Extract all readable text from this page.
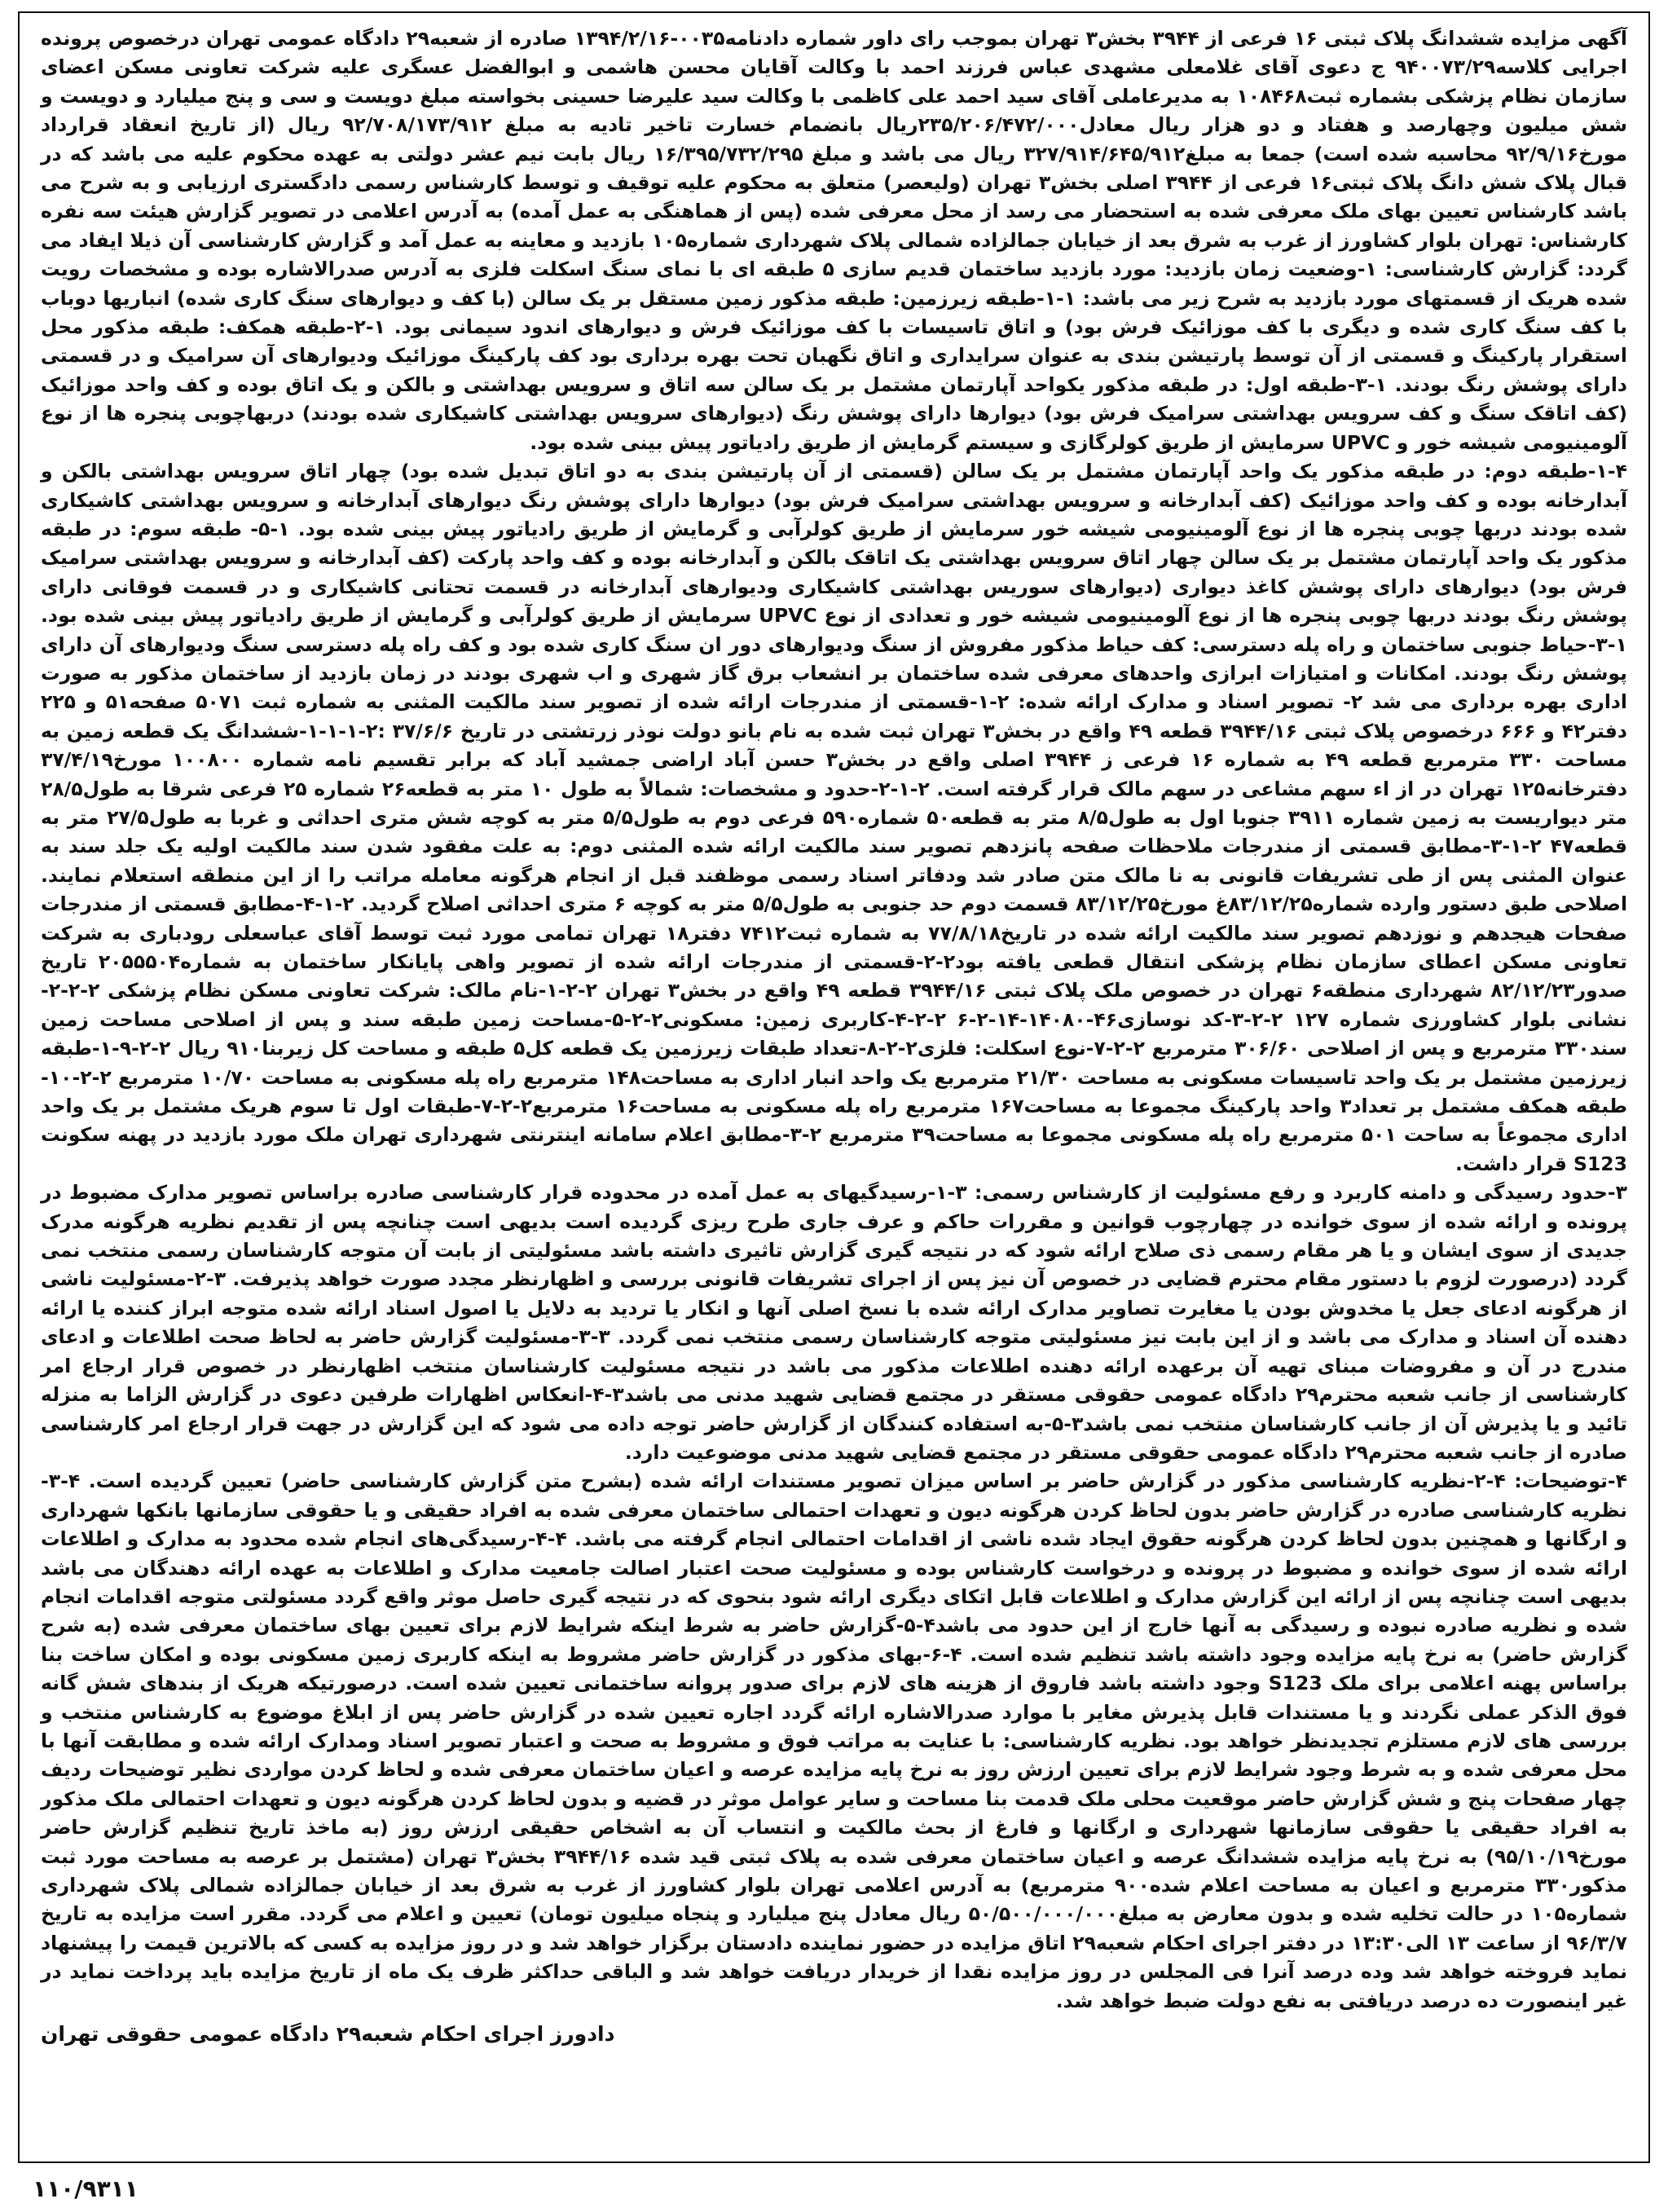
آگهی مزایده ششدانگ پلاک ثبتی ۱۶ فرعی از ۳۹۴۴ بخش۳ تهران بموجب رای داور شماره دادنامه۰۰۳۵-۱۳۹۴/۲/۱۶ صادره از شعبه۲۹ دادگاه عمومی تهران درخصوص پرونده اجرایی کلاسه۹۴۰۰۷۳/۲۹ ج دعوی آقای غلامعلی مشهدی عباس فرزند احمد با وکالت آقایان محسن هاشمی و ابوالفضل عسگری علیه شرکت تعاونی مسکن اعضای سازمان نظام پزشکی بشماره ثبت۱۰۸۴۶۸ به مدیرعاملی آقای سید احمد علی کاظمی با وکالت سید علیرضا حسینی بخواسته مبلغ دویست و سی و پنج میلیارد و دویست و شش میلیون وچهارصد و هفتاد و دو هزار ریال معادل۲۳۵/۲۰۶/۴۷۲/۰۰۰ریال بانضمام خسارت تاخیر تادیه به مبلغ ۹۲/۷۰۸/۱۷۳/۹۱۲ ریال (از تاریخ انعقاد قرارداد مورخ۹۲/۹/۱۶ محاسبه شده است) جمعا به مبلغ۳۲۷/۹۱۴/۶۴۵/۹۱۲ ریال می باشد و مبلغ ۱۶/۳۹۵/۷۳۲/۲۹۵ ریال بابت نیم عشر دولتی به عهده محکوم علیه می باشد که در قبال پلاک شش دانگ پلاک ثبتی۱۶ فرعی از ۳۹۴۴ اصلی بخش۳ تهران (ولیعصر) متعلق به محکوم علیه توقیف و توسط کارشناس رسمی دادگستری ارزیابی و به شرح می باشد کارشناس تعیین بهای ملک معرفی شده به استحضار می رسد از محل معرفی شده (پس از هماهنگی به عمل آمده) به آدرس اعلامی در تصویر گزارش هیئت سه نفره کارشناس: تهران بلوار کشاورز از غرب به شرق بعد از خیابان جمالزاده شمالی پلاک شهرداری شماره۱۰۵ بازدید و معاینه به عمل آمد و گزارش کارشناسی آن ذیلا ایفاد می گردد: گزارش کارشناسی: ۱-وضعیت زمان بازدید: مورد بازدید ساختمان قدیم سازی ۵ طبقه ای با نمای سنگ اسکلت فلزی به آدرس صدرالاشاره بوده و مشخصات رویت شده هریک از قسمتهای مورد بازدید به شرح زیر می باشد: ۱-۱-طبقه زیرزمین: طبقه مذکور زمین مستقل بر یک سالن (با کف و دیوارهای سنگ کاری شده) انباریها دوباب با کف سنگ کاری شده و دیگری با کف موزائیک فرش بود) و اتاق تاسیسات با کف موزائیک فرش و دیوارهای اندود سیمانی بود. ۱-۲-طبقه همکف: طبقه مذکور محل استقرار پارکینگ و قسمتی از آن توسط پارتیشن بندی به عنوان سرایداری و اتاق نگهبان تحت بهره برداری بود کف پارکینگ موزائیک ودیوارهای آن سرامیک و در قسمتی دارای پوشش رنگ بودند. ۱-۳-طبقه اول: در طبقه مذکور یکواحد آپارتمان مشتمل بر یک سالن سه اتاق و سرویس بهداشتی و بالکن و یک اتاق بوده و کف واحد موزائیک (کف اتاقک سنگ و کف سرویس بهداشتی سرامیک فرش بود) دیوارها دارای پوشش رنگ (دیوارهای سرویس بهداشتی کاشیکاری شده بودند) دربهاچوبی پنجره ها از نوع آلومینیومی شیشه خور و UPVC سرمایش از طریق کولرگازی و سیستم گرمایش از طریق رادیاتور پیش بینی شده بود.

۱-۴-طبقه دوم: در طبقه مذکور یک واحد آپارتمان مشتمل بر یک سالن (قسمتی از آن پارتیشن بندی به دو اتاق تبدیل شده بود) چهار اتاق سرویس بهداشتی بالکن و آبدارخانه بوده و کف واحد موزائیک (کف آبدارخانه و سرویس بهداشتی سرامیک فرش بود) دیوارها دارای پوشش رنگ دیوارهای آبدارخانه و سرویس بهداشتی کاشیکاری شده بودند دربها چوبی پنجره ها از نوع آلومینیومی شیشه خور سرمایش از طریق کولرآبی و گرمایش از طریق رادیاتور پیش بینی شده بود. ۱-۵- طبقه سوم: در طبقه مذکور یک واحد آپارتمان مشتمل بر یک سالن چهار اتاق سرویس بهداشتی یک اتاقک بالکن و آبدارخانه بوده و کف واحد پارکت (کف آبدارخانه و سرویس بهداشتی سرامیک فرش بود) دیوارهای دارای پوشش کاغذ دیواری (دیوارهای سوریس بهداشتی کاشیکاری ودیوارهای آبدارخانه در قسمت تحتانی کاشیکاری و در قسمت فوقانی دارای پوشش رنگ بودند دربها چوبی پنجره ها از نوع آلومینیومی شیشه خور و تعدادی از نوع UPVC سرمایش از طریق کولرآبی و گرمایش از طریق رادیاتور پیش بینی شده بود. ۱-۳-حیاط جنوبی ساختمان و راه پله دسترسی: کف حیاط مذکور مفروش از سنگ ودیوارهای دور ان سنگ کاری شده بود و کف راه پله دسترسی سنگ ودیوارهای آن دارای پوشش رنگ بودند. امکانات و امتیازات ابرازی واحدهای معرفی شده ساختمان بر انشعاب برق گاز شهری و اب شهری بودند در زمان بازدید از ساختمان مذکور به صورت اداری بهره برداری می شد ۲- تصویر اسناد و مدارک ارائه شده: ۲-۱-قسمتی از مندرجات ارائه شده از تصویر سند مالکیت المثنی به شماره ثبت ۵۰۷۱ صفحه۵۱ و ۲۲۵ دفتر۴۲ و ۶۶۶ درخصوص پلاک ثبتی ۳۹۴۴/۱۶ قطعه ۴۹ واقع در بخش۳ تهران ثبت شده به نام بانو دولت نوذر زرتشتی در تاریخ ۳۷/۶/۶ :۲-۱-۱-۱-ششدانگ یک قطعه زمین به مساحت ۳۳۰ مترمربع قطعه ۴۹ به شماره ۱۶ فرعی ز ۳۹۴۴ اصلی واقع در بخش۳ حسن آباد اراضی جمشید آباد که برابر تقسیم نامه شماره ۱۰۰۸۰۰ مورخ۳۷/۴/۱۹ دفترخانه۱۲۵ تهران در از اء سهم مشاعی در سهم مالک قرار گرفته است. ۲-۱-۲-حدود و مشخصات: شمالاً به طول ۱۰ متر به قطعه۲۶ شماره ۲۵ فرعی شرقا به طول۲۸/۵ متر دیواریست به زمین شماره ۳۹۱۱ جنوبا اول به طول۸/۵ متر به قطعه۵۰ شماره۵۹۰ فرعی دوم به طول۵/۵ متر به کوچه شش متری احداثی و غربا به طول۲۷/۵ متر به قطعه۴۷ ۲-۱-۳-مطابق قسمتی از مندرجات ملاحظات صفحه پانزدهم تصویر سند مالکیت ارائه شده المثنی دوم: به علت مفقود شدن سند مالکیت اولیه یک جلد سند به عنوان المثنی پس از طی تشریفات قانونی به نا مالک متن صادر شد ودفاتر اسناد رسمی موظفند قبل از انجام هرگونه معامله مراتب را از این منطقه استعلام نمایند. اصلاحی طبق دستور وارده شماره۸۳/۱۲/۲۵غ مورخ۸۳/۱۲/۲۵ قسمت دوم حد جنوبی به طول۵/۵ متر به کوچه ۶ متری احداثی اصلاح گردید. ۲-۱-۴-مطابق قسمتی از مندرجات صفحات هیجدهم و نوزدهم تصویر سند مالکیت ارائه شده در تاریخ۷۷/۸/۱۸ به شماره ثبت۷۴۱۲ دفتر۱۸ تهران تمامی مورد ثبت توسط آقای عباسعلی رودباری به شرکت تعاونی مسکن اعطای سازمان نظام پزشکی انتقال قطعی یافته بود۲-۲-قسمتی از مندرجات ارائه شده از تصویر واهی پایانکار ساختمان به شماره۲۰۵۵۵۰۴ تاریخ صدور۸۲/۱۲/۲۳ شهرداری منطقه۶ تهران در خصوص ملک پلاک ثبتی ۳۹۴۴/۱۶ قطعه ۴۹ واقع در بخش۳ تهران ۲-۲-۱-نام مالک: شرکت تعاونی مسکن نظام پزشکی ۲-۲-۲-نشانی بلوار کشاورزی شماره ۱۲۷ ۲-۲-۳-کد نوسازی۴۶-۱۴۰۸۰-۱۴-۲-۶ ۲-۲-۴-کاربری زمین: مسکونی۲-۲-۵-مساحت زمین طبقه سند و پس از اصلاحی مساحت زمین سند۳۳۰ مترمربع و پس از اصلاحی ۳۰۶/۶۰ مترمربع ۲-۲-۷-نوع اسکلت: فلزی۲-۲-۸-تعداد طبقات زیرزمین یک قطعه کل۵ طبقه و مساحت کل زیربنا۹۱۰ ریال ۲-۲-۹-۱-طبقه زیرزمین مشتمل بر یک واحد تاسیسات مسکونی به مساحت ۲۱/۳۰ مترمربع یک واحد انبار اداری به مساحت۱۴۸ مترمربع راه پله مسکونی به مساحت ۱۰/۷۰ مترمربع ۲-۲-۱۰-طبقه همکف مشتمل بر تعداد۳ واحد پارکینگ مجموعا به مساحت۱۶۷ مترمربع راه پله مسکونی به مساحت۱۶ مترمربع۲-۲-۷-طبقات اول تا سوم هریک مشتمل بر یک واحد اداری مجموعاً به ساحت ۵۰۱ مترمربع راه پله مسکونی مجموعا به مساحت۳۹ مترمربع ۲-۳-مطابق اعلام سامانه اینترنتی شهرداری تهران ملک مورد بازدید در پهنه سکونت S123 قرار داشت.

۳-حدود رسیدگی و دامنه کاربرد و رفع مسئولیت از کارشناس رسمی: ۳-۱-رسیدگیهای به عمل آمده در محدوده قرار کارشناسی صادره براساس تصویر مدارک مضبوط در پرونده و ارائه شده از سوی خوانده در چهارچوب قوانین و مقررات حاکم و عرف جاری طرح ریزی گردیده است بدیهی است چنانچه پس از تقدیم نظریه هرگونه مدرک جدیدی از سوی ایشان و یا هر مقام رسمی ذی صلاح ارائه شود که در نتیجه گیری گزارش تاثیری داشته باشد مسئولیتی از بابت آن متوجه کارشناسان رسمی منتخب نمی گردد (درصورت لزوم با دستور مقام محترم قضایی در خصوص آن نیز پس از اجرای تشریفات قانونی بررسی و اظهارنظر مجدد صورت خواهد پذیرفت. ۳-۲-مسئولیت ناشی از هرگونه ادعای جعل یا مخدوش بودن یا مغایرت تصاویر مدارک ارائه شده با نسخ اصلی آنها و انکار یا تردید به دلایل یا اصول اسناد ارائه شده متوجه ابراز کننده یا ارائه دهنده آن اسناد و مدارک می باشد و از این بابت نیز مسئولیتی متوجه کارشناسان رسمی منتخب نمی گردد. ۳-۳-مسئولیت گزارش حاضر به لحاظ صحت اطلاعات و ادعای مندرج در آن و مفروضات مبنای تهیه آن برعهده ارائه دهنده اطلاعات مذکور می باشد در نتیجه مسئولیت کارشناسان منتخب اظهارنظر در خصوص قرار ارجاع امر کارشناسی از جانب شعبه محترم۲۹ دادگاه عمومی حقوقی مستقر در مجتمع قضایی شهید مدنی می باشد۳-۴-انعکاس اظهارات طرفین دعوی در گزارش الزاما به منزله تائید و یا پذیرش آن از جانب کارشناسان منتخب نمی باشد۳-۵-به استفاده کنندگان از گزارش حاضر توجه داده می شود که این گزارش در جهت قرار ارجاع امر کارشناسی صادره از جانب شعبه محترم۲۹ دادگاه عمومی حقوقی مستقر در مجتمع قضایی شهید مدنی موضوعیت دارد.

۴-توضیحات: ۴-۲-نظریه کارشناسی مذکور در گزارش حاضر بر اساس میزان تصویر مستندات ارائه شده (بشرح متن گزارش کارشناسی حاضر) تعیین گردیده است. ۴-۳-نظریه کارشناسی صادره در گزارش حاضر بدون لحاظ کردن هرگونه دیون و تعهدات احتمالی ساختمان معرفی شده به افراد حقیقی و یا حقوقی سازمانها بانکها شهرداری و ارگانها و همچنین بدون لحاظ کردن هرگونه حقوق ایجاد شده ناشی از اقدامات احتمالی انجام گرفته می باشد. ۴-۴-رسیدگی‌های انجام شده محدود به مدارک و اطلاعات ارائه شده از سوی خوانده و مضبوط در پرونده و درخواست کارشناس بوده و مسئولیت صحت اعتبار اصالت جامعیت مدارک و اطلاعات به عهده ارائه دهندگان می باشد بدیهی است چنانچه پس از ارائه این گزارش مدارک و اطلاعات قابل اتکای دیگری ارائه شود بنحوی که در نتیجه گیری حاصل موثر واقع گردد مسئولتی متوجه اقدامات انجام شده و نظریه صادره نبوده و رسیدگی به آنها خارج از این حدود می باشد۴-۵-گزارش حاضر به شرط اینکه شرایط لازم برای تعیین بهای ساختمان معرفی شده (به شرح گزارش حاضر) به نرخ پایه مزایده وجود داشته باشد تنظیم شده است. ۴-۶-بهای مذکور در گزارش حاضر مشروط به اینکه کاربری زمین مسکونی بوده و امکان ساخت بنا براساس پهنه اعلامی برای ملک S123 وجود داشته باشد فاروق از هزینه های لازم برای صدور پروانه ساختمانی تعیین شده است. درصورتیکه هریک از بندهای شش گانه فوق الذکر عملی نگردند و یا مستندات قابل پذیرش مغایر با موارد صدرالاشاره ارائه گردد اجاره تعیین شده در گزارش حاضر پس از ابلاغ موضوع به کارشناس منتخب و بررسی های لازم مستلزم تجدیدنظر خواهد بود. نظریه کارشناسی: با عنایت به مراتب فوق و مشروط به صحت و اعتبار تصویر اسناد ومدارک ارائه شده و مطابقت آنها با محل معرفی شده و به شرط وجود شرایط لازم برای تعیین ارزش روز به نرخ پایه مزایده عرصه و اعیان ساختمان معرفی شده و لحاظ کردن مواردی نظیر توضیحات ردیف چهار صفحات پنج و شش گزارش حاضر موقعیت محلی ملک قدمت بنا مساحت و سایر عوامل موثر در قضیه و بدون لحاظ کردن هرگونه دیون و تعهدات احتمالی ملک مذکور به افراد حقیقی یا حقوقی سازمانها شهرداری و ارگانها و فارغ از بحث مالکیت و انتساب آن به اشخاص حقیقی ارزش روز (به ماخذ تاریخ تنظیم گزارش حاضر مورخ۹۵/۱۰/۱۹) به نرخ پایه مزایده ششدانگ عرصه و اعیان ساختمان معرفی شده به پلاک ثبتی قید شده ۳۹۴۴/۱۶ بخش۳ تهران (مشتمل بر عرصه به مساحت مورد ثبت مذکور۳۳۰ مترمربع و اعیان به مساحت اعلام شده۹۰۰ مترمربع) به آدرس اعلامی تهران بلوار کشاورز از غرب به شرق بعد از خیابان جمالزاده شمالی پلاک شهرداری شماره۱۰۵ در حالت تخلیه شده و بدون معارض به مبلغ۵۰/۵۰۰/۰۰۰/۰۰۰ ریال معادل پنج میلیارد و پنجاه میلیون تومان) تعیین و اعلام می گردد. مقرر است مزایده به تاریخ ۹۶/۳/۷ از ساعت ۱۳ الی۱۳:۳۰ در دفتر اجرای احکام شعبه۲۹ اتاق مزایده در حضور نماینده دادستان برگزار خواهد شد و در روز مزایده به کسی که بالاترین قیمت را پیشنهاد نماید فروخته خواهد شد وده درصد آنرا فی المجلس در روز مزایده نقدا از خریدار دریافت خواهد شد و الباقی حداکثر ظرف یک ماه از تاریخ مزایده باید پرداخت نماید در غیر اینصورت ده درصد دریافتی به نفع دولت ضبط خواهد شد.

دادورز اجرای احکام شعبه۲۹ دادگاه عمومی حقوقی تهران
۱۱۰/۹۳۱۱
